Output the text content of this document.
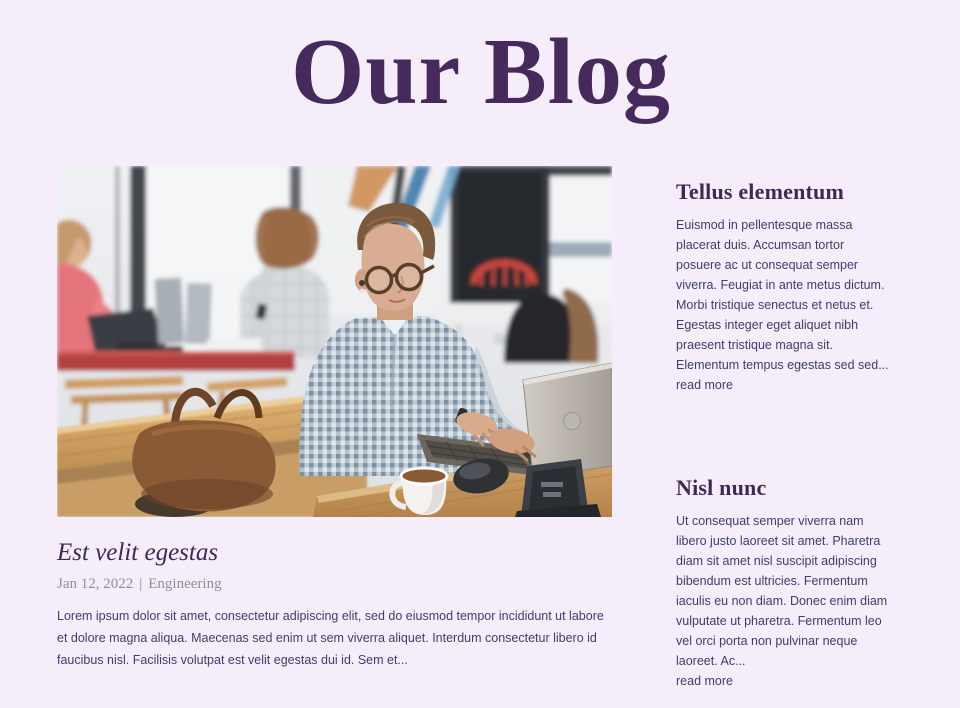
Our Blog
Est velit egestas
Jan 12, 2022 | Engineering

Lorem ipsum dolor sit amet, consectetur adipiscing elit, sed do eiusmod tempor incididunt ut labore et dolore magna aliqua. Maecenas sed enim ut sem viverra aliquet. Interdum consectetur libero id faucibus nisl. Facilisis volutpat est velit egestas dui id. Sem et...

Tellus elementum

Euismod in pellentesque massa placerat duis. Accumsan tortor posuere ac ut consequat semper viverra. Feugiat in ante metus dictum. Morbi tristique senectus et netus et. Egestas integer eget aliquet nibh praesent tristique magna sit. Elementum tempus egestas sed sed...

read more
Nisl nunc

Ut consequat semper viverra nam libero justo laoreet sit amet. Pharetra diam sit amet nisl suscipit adipiscing bibendum est ultricies. Fermentum iaculis eu non diam. Donec enim diam vulputate ut pharetra. Fermentum leo vel orci porta non pulvinar neque laoreet. Ac...

read more
